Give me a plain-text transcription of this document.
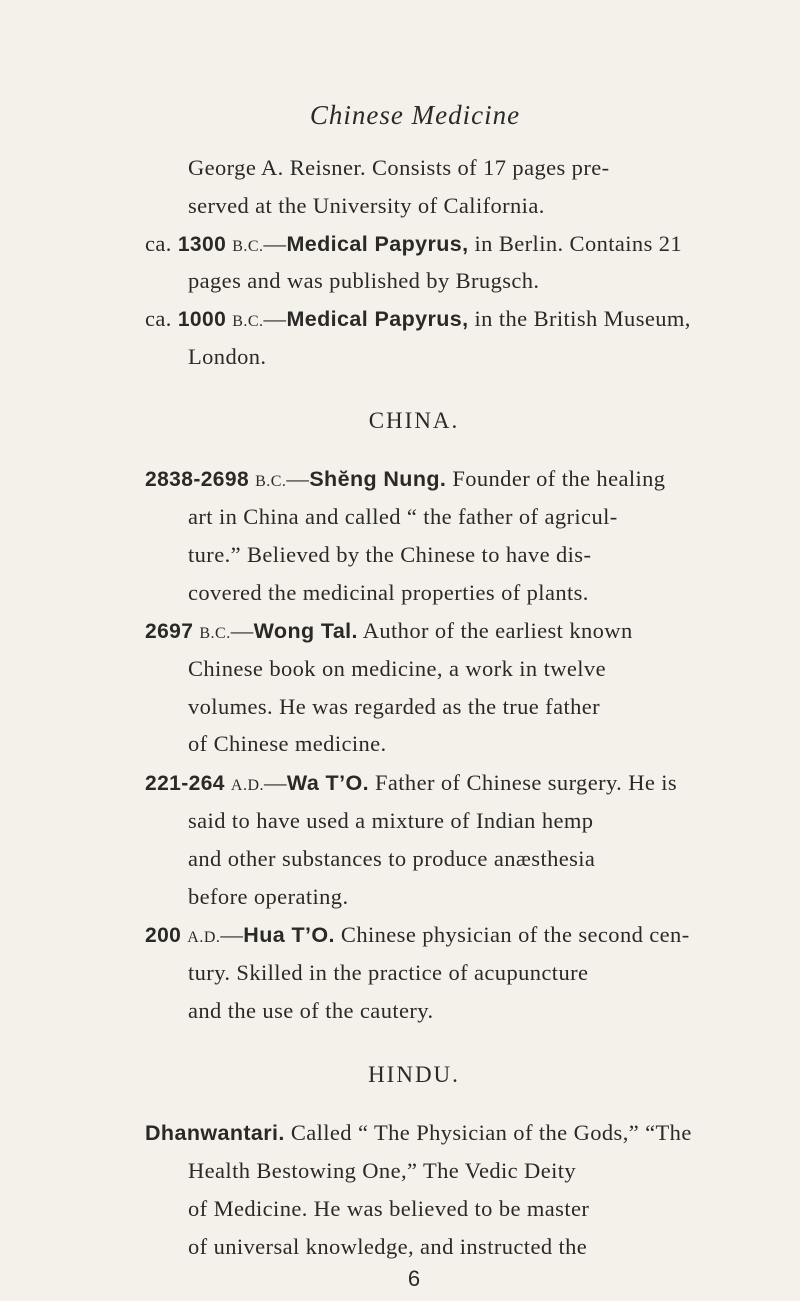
Chinese Medicine
George A. Reisner. Consists of 17 pages pre-
served at the University of California.
ca. 1300 B.C.—Medical Papyrus, in Berlin. Contains 21
pages and was published by Brugsch.
ca. 1000 B.C.—Medical Papyrus, in the British Museum,
London.
CHINA.
2838-2698 B.C.—Shĕng Nung. Founder of the healing
art in China and called “ the father of agricul-
ture.” Believed by the Chinese to have dis-
covered the medicinal properties of plants.
2697 B.C.—Wong Tal. Author of the earliest known
Chinese book on medicine, a work in twelve
volumes. He was regarded as the true father
of Chinese medicine.
221-264 A.D.—Wa T’O. Father of Chinese surgery. He is
said to have used a mixture of Indian hemp
and other substances to produce anæsthesia
before operating.
200 A.D.—Hua T’O. Chinese physician of the second cen-
tury. Skilled in the practice of acupuncture
and the use of the cautery.
HINDU.
Dhanwantari. Called “ The Physician of the Gods,” “The
Health Bestowing One,” The Vedic Deity
of Medicine. He was believed to be master
of universal knowledge, and instructed the
6
